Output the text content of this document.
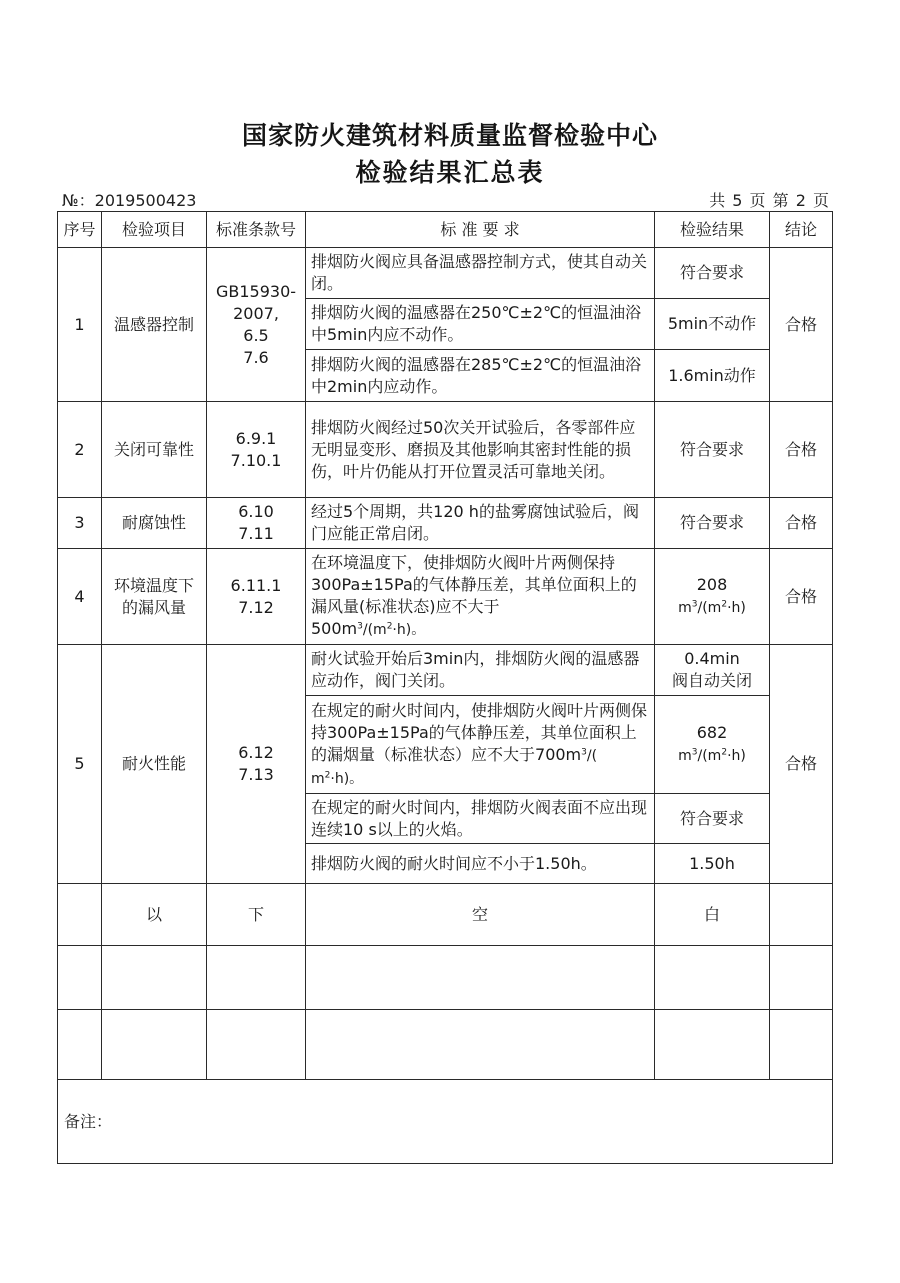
国家防火建筑材料质量监督检验中心
检验结果汇总表
№：2019500423	共 5 页 第 2 页
序号	检验项目	标准条款号	标 准 要 求	检验结果	结论
1	温感器控制	GB15930-
2007,
6.5
7.6	排烟防火阀应具备温感器控制方式，使其自动关闭。	符合要求	合格
			排烟防火阀的温感器在250℃±2℃的恒温油浴中5min内应不动作。	5min不动作	
			排烟防火阀的温感器在285℃±2℃的恒温油浴中2min内应动作。	1.6min动作	
2	关闭可靠性	6.9.1
7.10.1	排烟防火阀经过50次关开试验后，各零部件应无明显变形、磨损及其他影响其密封性能的损伤，叶片仍能从打开位置灵活可靠地关闭。	符合要求	合格
3	耐腐蚀性	6.10
7.11	经过5个周期，共120 h的盐雾腐蚀试验后，阀门应能正常启闭。	符合要求	合格
4	环境温度下
的漏风量	6.11.1
7.12	在环境温度下，使排烟防火阀叶片两侧保持300Pa±15Pa的气体静压差，其单位面积上的漏风量(标准状态)应不大于
$500m^3/(m^2\cdot h)$。	208
$m^3/(m^2\cdot h)$	合格
5	耐火性能	6.12
7.13	耐火试验开始后3min内，排烟防火阀的温感器应动作，阀门关闭。	0.4min
阀自动关闭	合格
			在规定的耐火时间内，使排烟防火阀叶片两侧保持300Pa±15Pa的气体静压差，其单位面积上的漏烟量（标准状态）应不大于$700m^3/$( $m^2\cdot h$)。	682
$m^3/(m^2\cdot h)$	
			在规定的耐火时间内，排烟防火阀表面不应出现连续10 s以上的火焰。	符合要求	
			排烟防火阀的耐火时间应不小于1.50h。	1.50h	
	以	下	空	白	

备注：					
